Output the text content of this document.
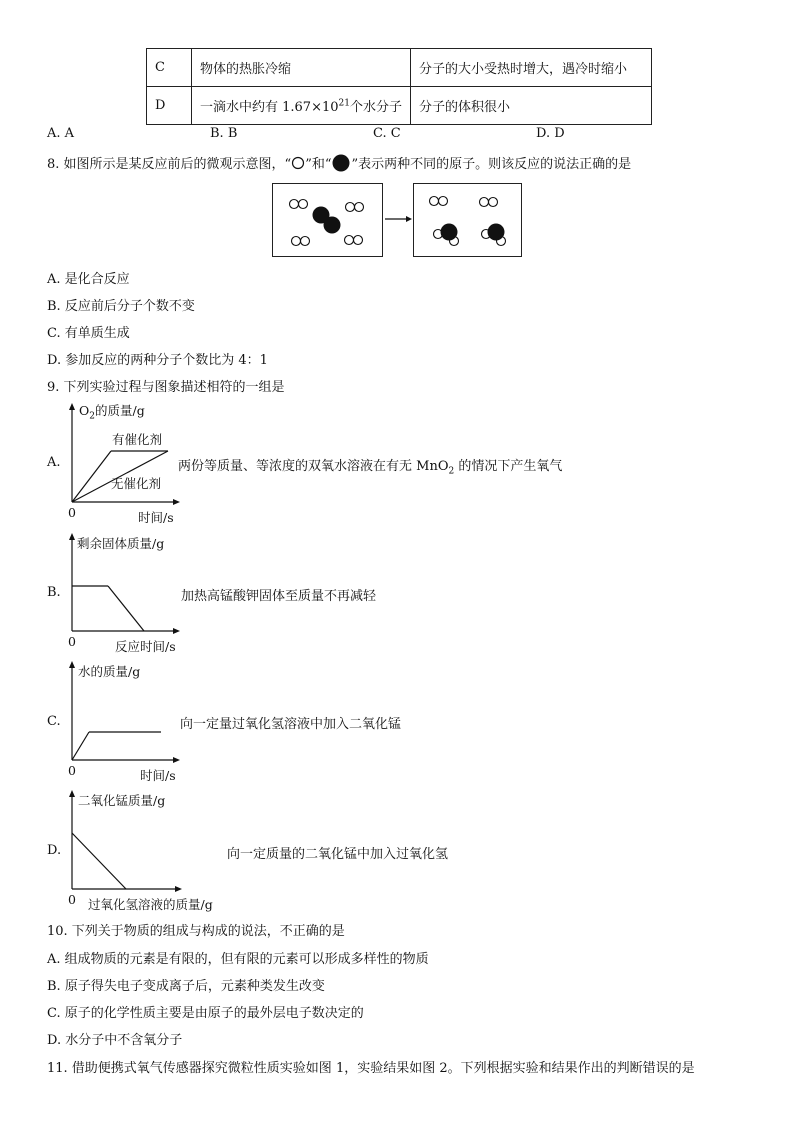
C	物体的热胀冷缩	分子的大小受热时增大，遇冷时缩小
D	一滴水中约有 $1.67\times 10^{21}$个水分子	分子的体积很小
A. A	B. B	C. C	D. D
8. 如图所示是某反应前后的微观示意图，“ ”和“ ”表示两种不同的原子。则该反应的说法正确的是
A. 是化合反应
B. 反应前后分子个数不变
C. 有单质生成
D. 参加反应的两种分子个数比为 4：1
9. 下列实验过程与图象描述相符的一组是
A.
$O_2$的质量/g
有催化剂
无催化剂
0	时间/s
两份等质量、等浓度的双氧水溶液在有无 MnO$_2$ 的情况下产生氧气
B.
剩余固体质量/g
0	反应时间/s
加热高锰酸钾固体至质量不再减轻
C.
水的质量/g
0	时间/s
向一定量过氧化氢溶液中加入二氧化锰
D.
二氧化锰质量/g
0 过氧化氢溶液的质量/g
向一定质量的二氧化锰中加入过氧化氢
10. 下列关于物质的组成与构成的说法，不正确的是
A. 组成物质的元素是有限的，但有限的元素可以形成多样性的物质
B. 原子得失电子变成离子后，元素种类发生改变
C. 原子的化学性质主要是由原子的最外层电子数决定的
D. 水分子中不含氧分子
11. 借助便携式氧气传感器探究微粒性质实验如图 1，实验结果如图 2。下列根据实验和结果作出的判断错误的是
